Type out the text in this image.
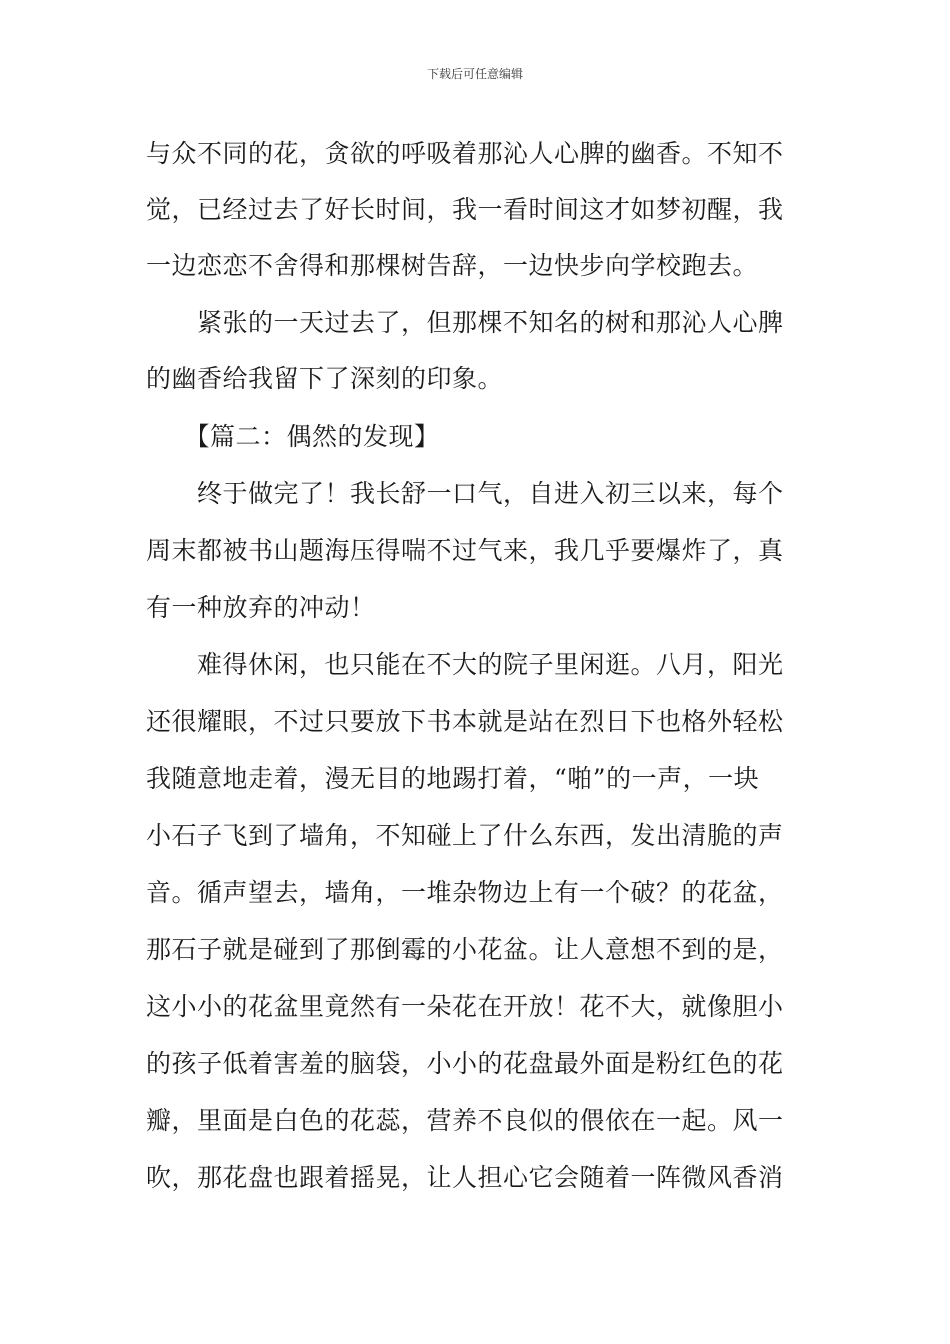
下载后可任意编辑
与众不同的花，贪欲的呼吸着那沁人心脾的幽香。不知不
觉，已经过去了好长时间，我一看时间这才如梦初醒，我
一边恋恋不舍得和那棵树告辞，一边快步向学校跑去。
　　紧张的一天过去了，但那棵不知名的树和那沁人心脾
的幽香给我留下了深刻的印象。
　　【篇二：偶然的发现】
　　终于做完了！我长舒一口气，自进入初三以来，每个
周末都被书山题海压得喘不过气来，我几乎要爆炸了，真
有一种放弃的冲动！
　　难得休闲，也只能在不大的院子里闲逛。八月，阳光
还很耀眼，不过只要放下书本就是站在烈日下也格外轻松
我随意地走着，漫无目的地踢打着，“啪”的一声，一块
小石子飞到了墙角，不知碰上了什么东西，发出清脆的声
音。循声望去，墙角，一堆杂物边上有一个破？的花盆，
那石子就是碰到了那倒霉的小花盆。让人意想不到的是，
这小小的花盆里竟然有一朵花在开放！花不大，就像胆小
的孩子低着害羞的脑袋，小小的花盘最外面是粉红色的花
瓣，里面是白色的花蕊，营养不良似的偎依在一起。风一
吹，那花盘也跟着摇晃，让人担心它会随着一阵微风香消
